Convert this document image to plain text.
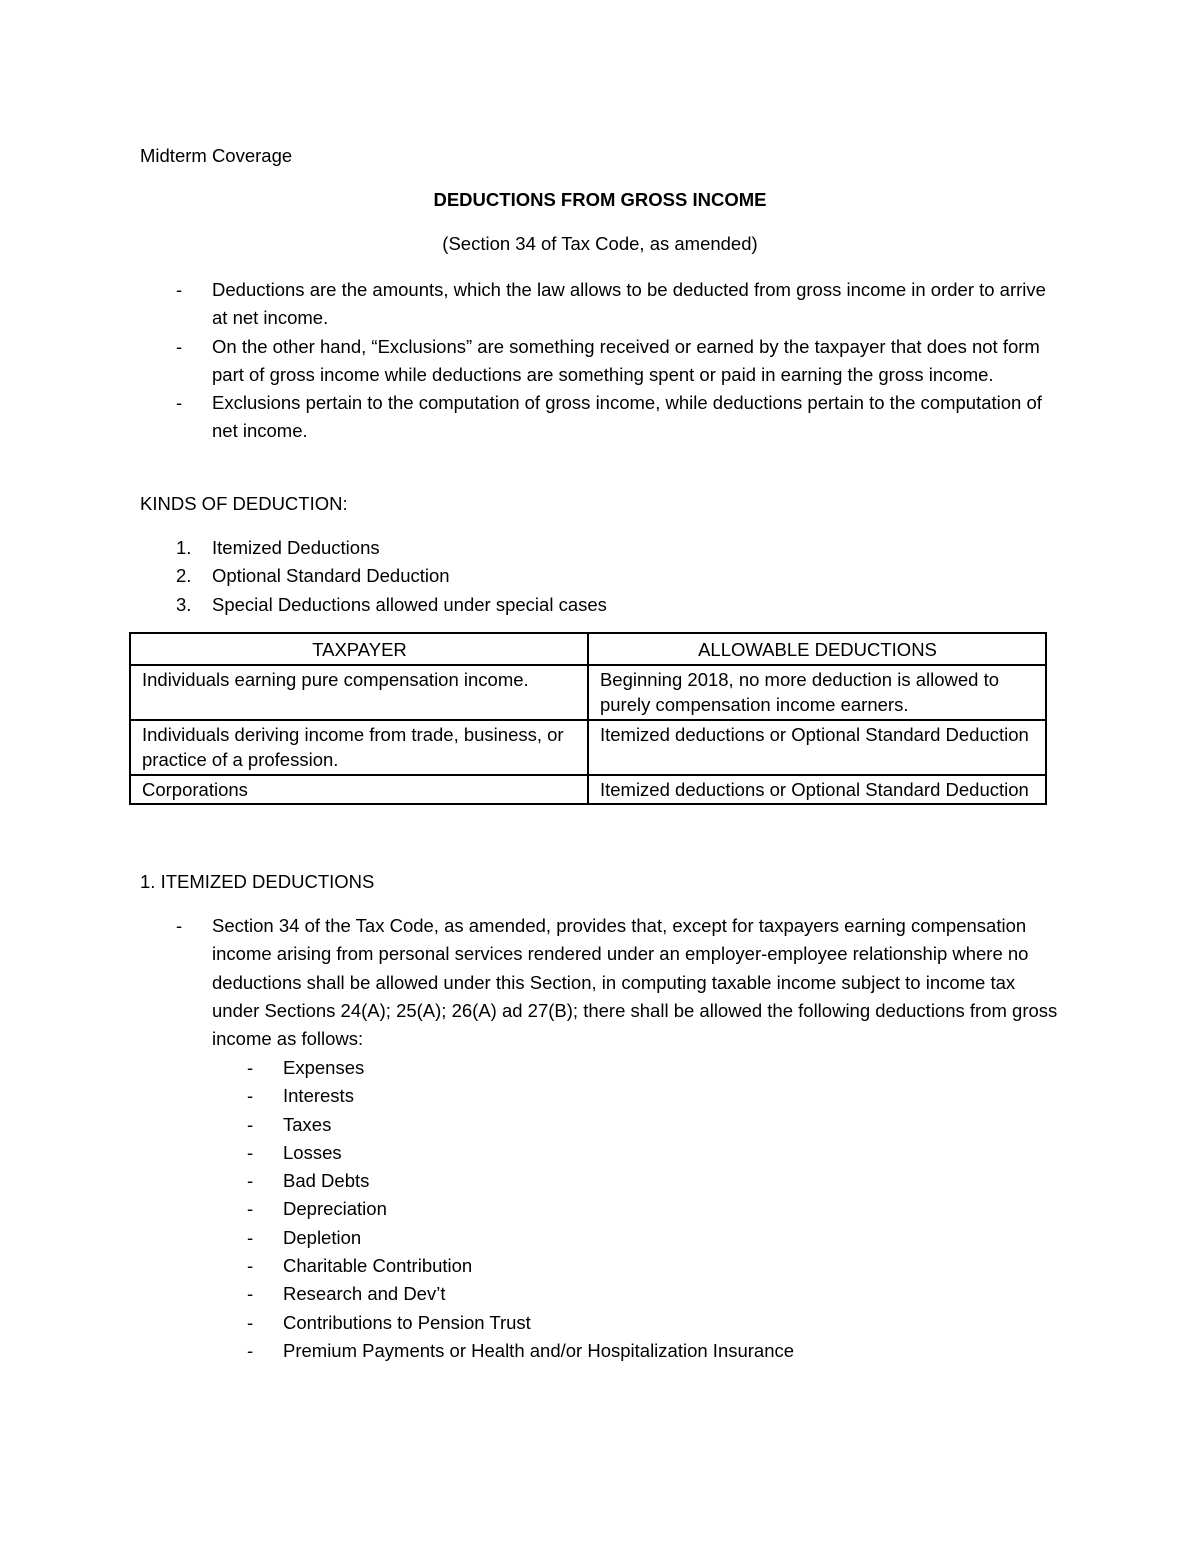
Midterm Coverage
DEDUCTIONS FROM GROSS INCOME
(Section 34 of Tax Code, as amended)
- Deductions are the amounts, which the law allows to be deducted from gross income in order to arrive at net income.
- On the other hand, “Exclusions” are something received or earned by the taxpayer that does not form part of gross income while deductions are something spent or paid in earning the gross income.
- Exclusions pertain to the computation of gross income, while deductions pertain to the computation of net income.
KINDS OF DEDUCTION:
1. Itemized Deductions
2. Optional Standard Deduction
3. Special Deductions allowed under special cases
TAXPAYER	ALLOWABLE DEDUCTIONS
Individuals earning pure compensation income.	Beginning 2018, no more deduction is allowed to purely compensation income earners.
Individuals deriving income from trade, business, or practice of a profession.	Itemized deductions or Optional Standard Deduction
Corporations	Itemized deductions or Optional Standard Deduction
1. ITEMIZED DEDUCTIONS
- Section 34 of the Tax Code, as amended, provides that, except for taxpayers earning compensation income arising from personal services rendered under an employer-employee relationship where no deductions shall be allowed under this Section, in computing taxable income subject to income tax under Sections 24(A); 25(A); 26(A) ad 27(B); there shall be allowed the following deductions from gross income as follows:
- Expenses
- Interests
- Taxes
- Losses
- Bad Debts
- Depreciation
- Depletion
- Charitable Contribution
- Research and Dev’t
- Contributions to Pension Trust
- Premium Payments or Health and/or Hospitalization Insurance
